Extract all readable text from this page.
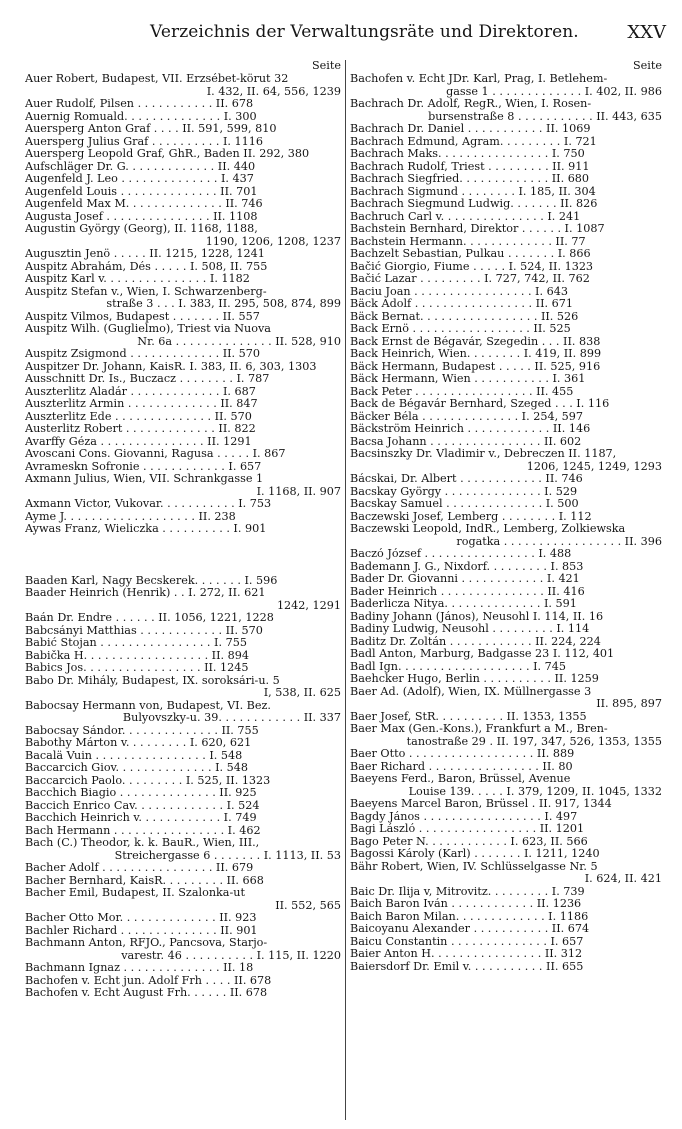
Verzeichnis der Verwaltungsräte und Direktoren.	XXV
Seite
Auer Robert, Budapest, VII. Erzsébet-körut 32
I. 432, II. 64, 556, 1239
Auer Rudolf, Pilsen . . . . . . . . . . . II. 678
Auernig Romuald. . . . . . . . . . . . . . I. 300
Auersperg Anton Graf . . . . II. 591, 599, 810
Auersperg Julius Graf . . . . . . . . . . I. 1116
Auersperg Leopold Graf, GhR., Baden II. 292, 380
Aufschläger Dr. G. . . . . . . . . . . . . II. 440
Augenfeld J. Leo . . . . . . . . . . . . . . I. 437
Augenfeld Louis . . . . . . . . . . . . . . II. 701
Augenfeld Max M. . . . . . . . . . . . . . II. 746
Augusta Josef . . . . . . . . . . . . . . . II. 1108
Augustin György (Georg), II. 1168, 1188,
1190, 1206, 1208, 1237
Augusztin Jenö . . . . . II. 1215, 1228, 1241
Auspitz Abrahám, Dés . . . . . I. 508, II. 755
Auspitz Karl v. . . . . . . . . . . . . . . I. 1182
Auspitz Stefan v., Wien, I. Schwarzenberg-
straße 3 . . . I. 383, II. 295, 508, 874, 899
Auspitz Vilmos, Budapest . . . . . . . II. 557
Auspitz Wilh. (Guglielmo), Triest via Nuova
Nr. 6a . . . . . . . . . . . . . . II. 528, 910
Auspitz Zsigmond . . . . . . . . . . . . . II. 570
Auspitzer Dr. Johann, KaisR. I. 383, II. 6, 303, 1303
Ausschnitt Dr. Is., Buczacz . . . . . . . . I. 787
Auszterlitz Aladár . . . . . . . . . . . . . I. 687
Auszterlitz Armin . . . . . . . . . . . . . II. 847
Auszterlitz Ede . . . . . . . . . . . . . . II. 570
Austerlitz Robert . . . . . . . . . . . . . II. 822
Avarffy Géza . . . . . . . . . . . . . . . II. 1291
Avoscani Cons. Giovanni, Ragusa . . . . . I. 867
Avrameskn Sofronie . . . . . . . . . . . . I. 657
Axmann Julius, Wien, VII. Schrankgasse 1
I. 1168, II. 907
Axmann Victor, Vukovar. . . . . . . . . . . I. 753
Ayme J. . . . . . . . . . . . . . . . . . . II. 238
Aywas Franz, Wieliczka . . . . . . . . . . I. 901
Baaden Karl, Nagy Becskerek. . . . . . . I. 596
Baader Heinrich (Henrik) . . I. 272, II. 621
1242, 1291
Baán Dr. Endre . . . . . . II. 1056, 1221, 1228
Babcsányi Matthias . . . . . . . . . . . . II. 570
Babić Stojan . . . . . . . . . . . . . . . . I. 755
Babička H. . . . . . . . . . . . . . . . . . II. 894
Babics Jos. . . . . . . . . . . . . . . . . II. 1245
Babo Dr. Mihály, Budapest, IX. soroksári-u. 5
I, 538, II. 625
Babocsay Hermann von, Budapest, VI. Bez.
Bulyovszky-u. 39. . . . . . . . . . . . II. 337
Babocsay Sándor. . . . . . . . . . . . . . II. 755
Babothy Márton v. . . . . . . . . I. 620, 621
Bacalä Vuin . . . . . . . . . . . . . . . . I. 548
Baccarcich Giov. . . . . . . . . . . . . . I. 548
Baccarcich Paolo. . . . . . . . . I. 525, II. 1323
Bacchich Biagio . . . . . . . . . . . . . . II. 925
Baccich Enrico Cav. . . . . . . . . . . . . I. 524
Bacchich Heinrich v. . . . . . . . . . . . I. 749
Bach Hermann . . . . . . . . . . . . . . . . I. 462
Bach (C.) Theodor, k. k. BauR., Wien, III.,
Streichergasse 6 . . . . . . . I. 1113, II. 53
Bacher Adolf . . . . . . . . . . . . . . . . II. 679
Bacher Bernhard, KaisR. . . . . . . . . II. 668
Bacher Emil, Budapest, II. Szalonka-ut
II. 552, 565
Bacher Otto Mor. . . . . . . . . . . . . . II. 923
Bachler Richard . . . . . . . . . . . . . . II. 901
Bachmann Anton, RFJO., Pancsova, Starjo-
varestr. 46 . . . . . . . . . . I. 115, II. 1220
Bachmann Ignaz . . . . . . . . . . . . . . II. 18
Bachofen v. Echt jun. Adolf Frh . . . . II. 678
Bachofen v. Echt August Frh. . . . . . II. 678
Seite
Bachofen v. Echt JDr. Karl, Prag, I. Betlehem-
gasse 1 . . . . . . . . . . . . . I. 402, II. 986
Bachrach Dr. Adolf, RegR., Wien, I. Rosen-
bursenstraße 8 . . . . . . . . . . . II. 443, 635
Bachrach Dr. Daniel . . . . . . . . . . . II. 1069
Bachrach Edmund, Agram. . . . . . . . . I. 721
Bachrach Maks. . . . . . . . . . . . . . . . I. 750
Bachrach Rudolf, Triest . . . . . . . . . II. 911
Bachrach Siegfried. . . . . . . . . . . . . II. 680
Bachrach Sigmund . . . . . . . . I. 185, II. 304
Bachrach Siegmund Ludwig. . . . . . . II. 826
Bachruch Carl v. . . . . . . . . . . . . . . I. 241
Bachstein Bernhard, Direktor . . . . . . I. 1087
Bachstein Hermann. . . . . . . . . . . . . II. 77
Bachzelt Sebastian, Pulkau . . . . . . . I. 866
Bačić Giorgio, Fiume . . . . . I. 524, II. 1323
Bačić Lazar . . . . . . . . . I. 727, 742, II. 762
Baciu Joan . . . . . . . . . . . . . . . . . I. 643
Bäck Adolf . . . . . . . . . . . . . . . . . II. 671
Bäck Bernat. . . . . . . . . . . . . . . . . II. 526
Back Ernö . . . . . . . . . . . . . . . . . II. 525
Back Ernst de Bégavár, Szegedin . . . II. 838
Back Heinrich, Wien. . . . . . . . I. 419, II. 899
Bäck Hermann, Budapest . . . . . II. 525, 916
Bäck Hermann, Wien . . . . . . . . . . . I. 361
Back Peter . . . . . . . . . . . . . . . . . II. 455
Back de Bégavár Bernhard, Szeged . . . I. 116
Bäcker Béla . . . . . . . . . . . . . . I. 254, 597
Bäckström Heinrich . . . . . . . . . . . . II. 146
Bacsa Johann . . . . . . . . . . . . . . . . II. 602
Bacsinszky Dr. Vladimir v., Debreczen II. 1187,
1206, 1245, 1249, 1293
Bácskai, Dr. Albert . . . . . . . . . . . . II. 746
Bacskay György . . . . . . . . . . . . . . I. 529
Bacskay Samuel . . . . . . . . . . . . . . I. 500
Baczewski Josef, Lemberg . . . . . . . . I. 112
Baczewski Leopold, IndR., Lemberg, Zolkiewska
rogatka . . . . . . . . . . . . . . . . . II. 396
Baczó József . . . . . . . . . . . . . . . . I. 488
Bademann J. G., Nixdorf. . . . . . . . . I. 853
Bader Dr. Giovanni . . . . . . . . . . . . I. 421
Bader Heinrich . . . . . . . . . . . . . . . II. 416
Baderlicza Nitya. . . . . . . . . . . . . . I. 591
Badiny Johann (János), Neusohl I. 114, II. 16
Badiny Ludwig, Neusohl . . . . . . . . . I. 114
Baditz Dr. Zoltán . . . . . . . . . . . . II. 224, 224
Badl Anton, Marburg, Badgasse 23 I. 112, 401
Badl Ign. . . . . . . . . . . . . . . . . . . I. 745
Baehcker Hugo, Berlin . . . . . . . . . . II. 1259
Baer Ad. (Adolf), Wien, IX. Müllnergasse 3
II. 895, 897
Baer Josef, StR. . . . . . . . . . II. 1353, 1355
Baer Max (Gen.-Kons.), Frankfurt a M., Bren-
tanostraße 29 . II. 197, 347, 526, 1353, 1355
Baer Otto . . . . . . . . . . . . . . . . . . II. 889
Baer Richard . . . . . . . . . . . . . . . . II. 80
Baeyens Ferd., Baron, Brüssel, Avenue
Louise 139. . . . . I. 379, 1209, II. 1045, 1332
Baeyens Marcel Baron, Brüssel . II. 917, 1344
Bagdy János . . . . . . . . . . . . . . . . . I. 497
Bagi László . . . . . . . . . . . . . . . . . II. 1201
Bago Peter N. . . . . . . . . . . . I. 623, II. 566
Bagossi Károly (Karl) . . . . . . . I. 1211, 1240
Bähr Robert, Wien, IV. Schlüsselgasse Nr. 5
I. 624, II. 421
Baic Dr. Ilija v, Mitrovitz. . . . . . . . . I. 739
Baich Baron Iván . . . . . . . . . . . . II. 1236
Baich Baron Milan. . . . . . . . . . . . . I. 1186
Baicoyanu Alexander . . . . . . . . . . . II. 674
Baicu Constantin . . . . . . . . . . . . . . I. 657
Baier Anton H. . . . . . . . . . . . . . . . II. 312
Baiersdorf Dr. Emil v. . . . . . . . . . . II. 655
